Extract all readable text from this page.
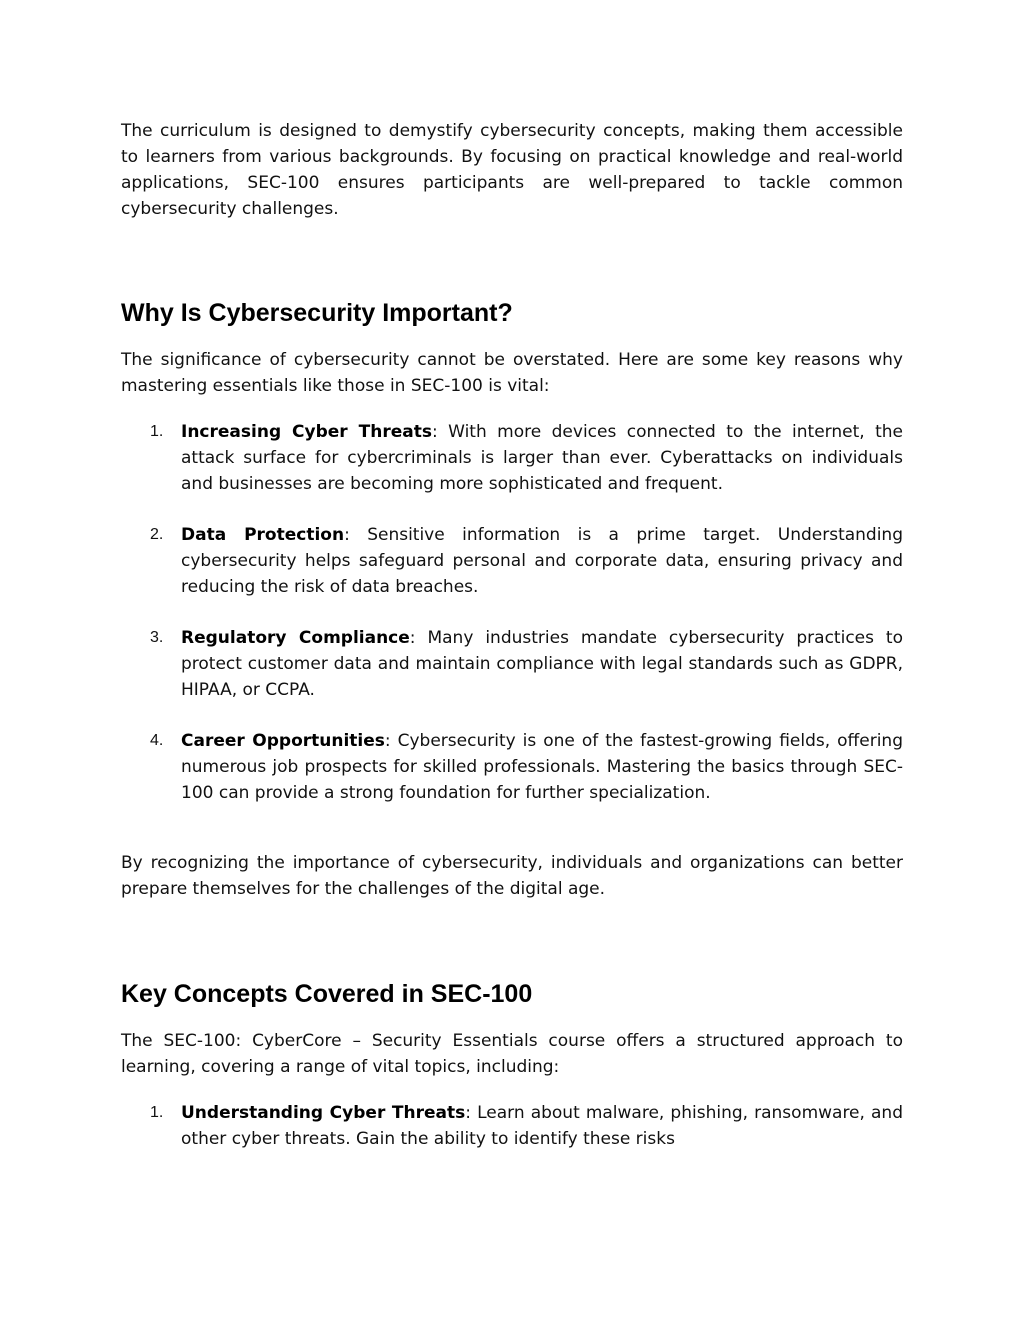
The curriculum is designed to demystify cybersecurity concepts, making them accessible to learners from various backgrounds. By focusing on practical knowledge and real-world applications, SEC-100 ensures participants are well-prepared to tackle common cybersecurity challenges.

Why Is Cybersecurity Important?

The significance of cybersecurity cannot be overstated. Here are some key reasons why mastering essentials like those in SEC-100 is vital:

1. Increasing Cyber Threats: With more devices connected to the internet, the attack surface for cybercriminals is larger than ever. Cyberattacks on individuals and businesses are becoming more sophisticated and frequent.
2. Data Protection: Sensitive information is a prime target. Understanding cybersecurity helps safeguard personal and corporate data, ensuring privacy and reducing the risk of data breaches.
3. Regulatory Compliance: Many industries mandate cybersecurity practices to protect customer data and maintain compliance with legal standards such as GDPR, HIPAA, or CCPA.
4. Career Opportunities: Cybersecurity is one of the fastest-growing fields, offering numerous job prospects for skilled professionals. Mastering the basics through SEC-100 can provide a strong foundation for further specialization.

By recognizing the importance of cybersecurity, individuals and organizations can better prepare themselves for the challenges of the digital age.

Key Concepts Covered in SEC-100

The SEC-100: CyberCore – Security Essentials course offers a structured approach to learning, covering a range of vital topics, including:

1. Understanding Cyber Threats: Learn about malware, phishing, ransomware, and other cyber threats. Gain the ability to identify these risks
